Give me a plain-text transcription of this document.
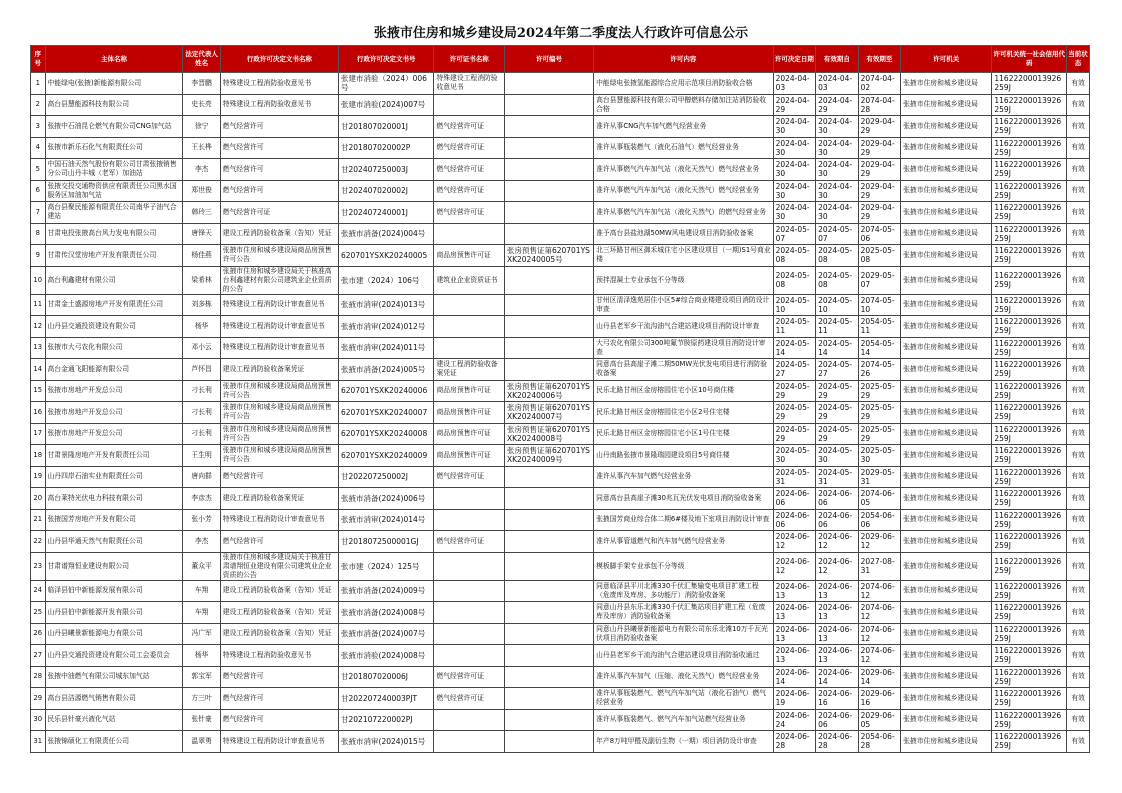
张掖市住房和城乡建设局2024年第二季度法人行政许可信息公示
序号	主体名称	法定代表人姓名	行政许可决定文书名称	行政许可决定文书号	许可证书名称	许可编号	许可内容	许可决定日期	有效期自	有效期至	许可机关	许可机关统一社会信用代码	当前状态
1	中能绿电(张掖)新能源有限公司	李晋鹏	特殊建设工程消防验收意见书	张建市消验（2024）006号	特殊建设工程消防验收意见书		中能绿电张掖氢能源综合应用示范项目消防验收合格	2024-04-03	2024-04-03	2074-04-02	张掖市住房和城乡建设局	11622200013926259J	有效
2	高台县慧能源科技有限公司	史长亮	特殊建设工程消防验收意见书	张建市消验(2024)007号			高台县慧能源科技有限公司甲醇燃料存储加注站消防验收合格	2024-04-29	2024-04-29	2074-04-28	张掖市住房和城乡建设局	11622200013926259J	有效
3	张掖中石油昆仑燃气有限公司CNG加气站	徐宁	燃气经营许可	甘201807020001J	燃气经营许可证		准许从事CNG汽车加气燃气经营业务	2024-04-30	2024-04-30	2029-04-29	张掖市住房和城乡建设局	11622200013926259J	有效
4	张掖市新乐石化气有限责任公司	王长桦	燃气经营许可	甘201807020002P	燃气经营许可证		准许从事瓶装燃气（液化石油气）燃气经营业务	2024-04-30	2024-04-30	2029-04-29	张掖市住房和城乡建设局	11622200013926259J	有效
5	中国石油天然气股份有限公司甘肃张掖销售分公司山丹丰城（老军）加油站	李杰	燃气经营许可	甘202407250003J	燃气经营许可证		准许从事燃气汽车加气站（液化天然气）燃气经营业务	2024-04-30	2024-04-30	2029-04-29	张掖市住房和城乡建设局	11622200013926259J	有效
6	张掖交投交通物资供应有限责任公司黑水国服务区加油加气站	郑世俊	燃气经营许可	甘202407020002J	燃气经营许可证		准许从事燃气汽车加气站（液化天然气）燃气经营业务	2024-04-30	2024-04-30	2029-04-29	张掖市住房和城乡建设局	11622200013926259J	有效
7	高台县聚民能源有限责任公司南华子油气合建站	韩玲三	燃气经营许可证	甘202407240001J	燃气经营许可证		准许从事燃气汽车加气站（液化天然气）的燃气经营业务	2024-04-30	2024-04-30	2029-04-29	张掖市住房和城乡建设局	11622200013926259J	有效
8	甘肃电投张掖高台风力发电有限公司	唐锋天	建设工程消防验收备案（告知）凭证	张掖市消备(2024)004号			准予高台县盐池湖50MW风电建设项目消防验收备案	2024-05-07	2024-05-07	2074-05-06	张掖市住房和城乡建设局	11622200013926259J	有效
9	甘肃传汉堂房地产开发有限责任公司	杨佳燕	张掖市住房和城乡建设局商品房预售许可公告	620701YSXK20240005	商品房预售许可证	张房预售证第620701YSXK20240005号	北三环路甘州区御禾城住宅小区建设项目（一期)S1号商业楼	2024-05-08	2024-05-08	2025-05-08	张掖市住房和城乡建设局	11622200013926259J	有效
10	高台利鑫建材有限公司	梁希林	张掖市住房和城乡建设局关于核准高台利鑫建材有限公司建筑业企业资质的公告	张市建（2024）106号	建筑业企业资质证书		预拌混凝土专业承包不分等级	2024-05-08	2024-05-08	2029-05-07	张掖市住房和城乡建设局	11622200013926259J	有效
11	甘肃金土盛源房地产开发有限责任公司	刘多栋	特殊建设工程消防设计审查意见书	张掖市消审(2024)013号			甘州区清泽逸苑居住小区5#综合商业楼建设项目消防设计审查	2024-05-10	2024-05-10	2074-05-10	张掖市住房和城乡建设局	11622200013926259J	有效
12	山丹县交通投资建设有限公司	杨华	特殊建设工程消防设计审查意见书	张掖市消审(2024)012号			山丹县老军乡干流沟油气合建站建设项目消防设计审查	2024-05-11	2024-05-11	2054-05-11	张掖市住房和城乡建设局	11622200013926259J	有效
13	张掖市大弓农化有限公司	邓小云	特殊建设工程消防设计审查意见书	张掖市消审(2024)011号			大弓农化有限公司300吨氟节胺原药建设项目消防设计审查	2024-05-14	2024-05-14	2054-05-14	张掖市住房和城乡建设局	11622200013926259J	有效
14	高台金通飞阳能源有限公司	芦怀昌	建设工程消防验收备案凭证	张掖市消备(2024)005号	建设工程消防验收备案凭证		同意高台县高崖子滩二期50MW光伏发电项目进行消防验收备案	2024-05-27	2024-05-27	2074-05-26	张掖市住房和城乡建设局	11622200013926259J	有效
15	张掖市房地产开发总公司	刁长利	张掖市住房和城乡建设局商品房预售许可公告	620701YSXK20240006	商品房预售许可证	张房预售证第620701YSXK20240006号	民乐北路甘州区金房榕园住宅小区10号商住楼	2024-05-29	2024-05-29	2025-05-29	张掖市住房和城乡建设局	11622200013926259J	有效
16	张掖市房地产开发总公司	刁长利	张掖市住房和城乡建设局商品房预售许可公告	620701YSXK20240007	商品房预售许可证	张房预售证第620701YSXK20240007号	民乐北路甘州区金房榕园住宅小区2号住宅楼	2024-05-29	2024-05-29	2025-05-29	张掖市住房和城乡建设局	11622200013926259J	有效
17	张掖市房地产开发总公司	刁长利	张掖市住房和城乡建设局商品房预售许可公告	620701YSXK20240008	商品房预售许可证	张房预售证第620701YSXK20240008号	民乐北路甘州区金房榕园住宅小区1号住宅楼	2024-05-29	2024-05-29	2025-05-29	张掖市住房和城乡建设局	11622200013926259J	有效
18	甘肃景隆房地产开发有限责任公司	王生明	张掖市住房和城乡建设局商品房预售许可公告	620701YSXK20240009	商品房预售许可证	张房预售证第620701YSXK20240009号	山丹南路张掖市景隆瑞园建设项目5号商住楼	2024-05-30	2024-05-30	2025-05-30	张掖市住房和城乡建设局	11622200013926259J	有效
19	山丹四岸石油实业有限责任公司	唐向群	燃气经营许可	甘202207250002J	燃气经营许可证		准许从事汽车加气燃气经营业务	2024-05-31	2024-05-31	2029-05-31	张掖市住房和城乡建设局	11622200013926259J	有效
20	高台莱特光伏电力科技有限公司	李彦杰	建设工程消防验收备案凭证	张掖市消备(2024)006号			同意高台县高崖子滩30兆瓦光伏发电项目消防验收备案	2024-06-06	2024-06-06	2074-06-05	张掖市住房和城乡建设局	11622200013926259J	有效
21	张掖国芳房地产开发有限公司	张小芳	特殊建设工程消防设计审查意见书	张掖市消审(2024)014号			张掖国芳商业综合体二期6#楼及地下室项目消防设计审查	2024-06-06	2024-06-06	2054-06-06	张掖市住房和城乡建设局	11622200013926259J	有效
22	山丹县华通天然气有限责任公司	李杰	燃气经营许可	甘2018072500001GJ	燃气经营许可证		准许从事管道燃气和汽车加气燃气经营业务	2024-06-12	2024-06-12	2029-06-12	张掖市住房和城乡建设局	11622200013926259J	有效
23	甘肃谱翔恒业建设有限公司	董众平	张掖市住房和城乡建设局关于核准甘肃谱翔恒业建设有限公司建筑业企业资质的公告	张市建（2024）125号			模板脚手架专业承包不分等级	2024-06-12	2024-06-12	2027-08-31	张掖市住房和城乡建设局	11622200013926259J	有效
24	临泽县伯中新能源发展有限公司	车翔	建设工程消防验收备案（告知）凭证	张掖市消备(2024)009号			同意临泽县平川北滩330千伏汇集输变电项目扩建工程（危废库及库房、多功能厅）消防验收备案	2024-06-13	2024-06-13	2074-06-12	张掖市住房和城乡建设局	11622200013926259J	有效
25	山丹县伯中新能源开发有限公司	车翔	建设工程消防验收备案（告知）凭证	张掖市消备(2024)008号			同意山丹县东乐北滩330千伏汇集站项目扩建工程（危废库及库房）消防验收备案	2024-06-13	2024-06-13	2074-06-12	张掖市住房和城乡建设局	11622200013926259J	有效
26	山丹县曦景新能源电力有限公司	冯广军	建设工程消防验收备案（告知）凭证	张掖市消备(2024)007号			同意山丹县曦景新能源电力有限公司东乐北滩10万千瓦光伏项目消防验收备案	2024-06-13	2024-06-13	2074-06-12	张掖市住房和城乡建设局	11622200013926259J	有效
27	山丹县交通投资建设有限公司工会委员会	杨华	特殊建设工程消防验收意见书	张掖市消验(2024)008号			山丹县老军乡干流沟油气合建站建设项目消防验收通过	2024-06-13	2024-06-13	2074-06-12	张掖市住房和城乡建设局	11622200013926259J	有效
28	张掖中油燃气有限公司城东加气站	郭宝军	燃气经营许可	甘201807020006J	燃气经营许可证		准许从事汽车加气（压缩、液化天然气）燃气经营业务	2024-06-14	2024-06-14	2029-06-14	张掖市住房和城乡建设局	11622200013926259J	有效
29	高台县洁源燃气销售有限公司	方三叶	燃气经营许可	甘202207240003PJT	燃气经营许可证		准许从事瓶装燃气、燃气汽车加气站（液化石油气）燃气经营业务	2024-06-19	2024-06-16	2029-06-16	张掖市住房和城乡建设局	11622200013926259J	有效
30	民乐县针豪兴液化气站	张针豪	燃气经营许可	甘202107220002PJ			准许从事瓶装燃气、燃气汽车加气站燃气经营业务	2024-06-24	2024-06-06	2029-06-05	张掖市住房和城乡建设局	11622200013926259J	有效
31	张掖锦硕化工有限责任公司	温翠勇	特殊建设工程消防设计审查意见书	张掖市消审(2024)015号			年产8万吨甲醛及副衍生物（一期）项目消防设计审查	2024-06-28	2024-06-28	2054-06-28	张掖市住房和城乡建设局	11622200013926259J	有效
